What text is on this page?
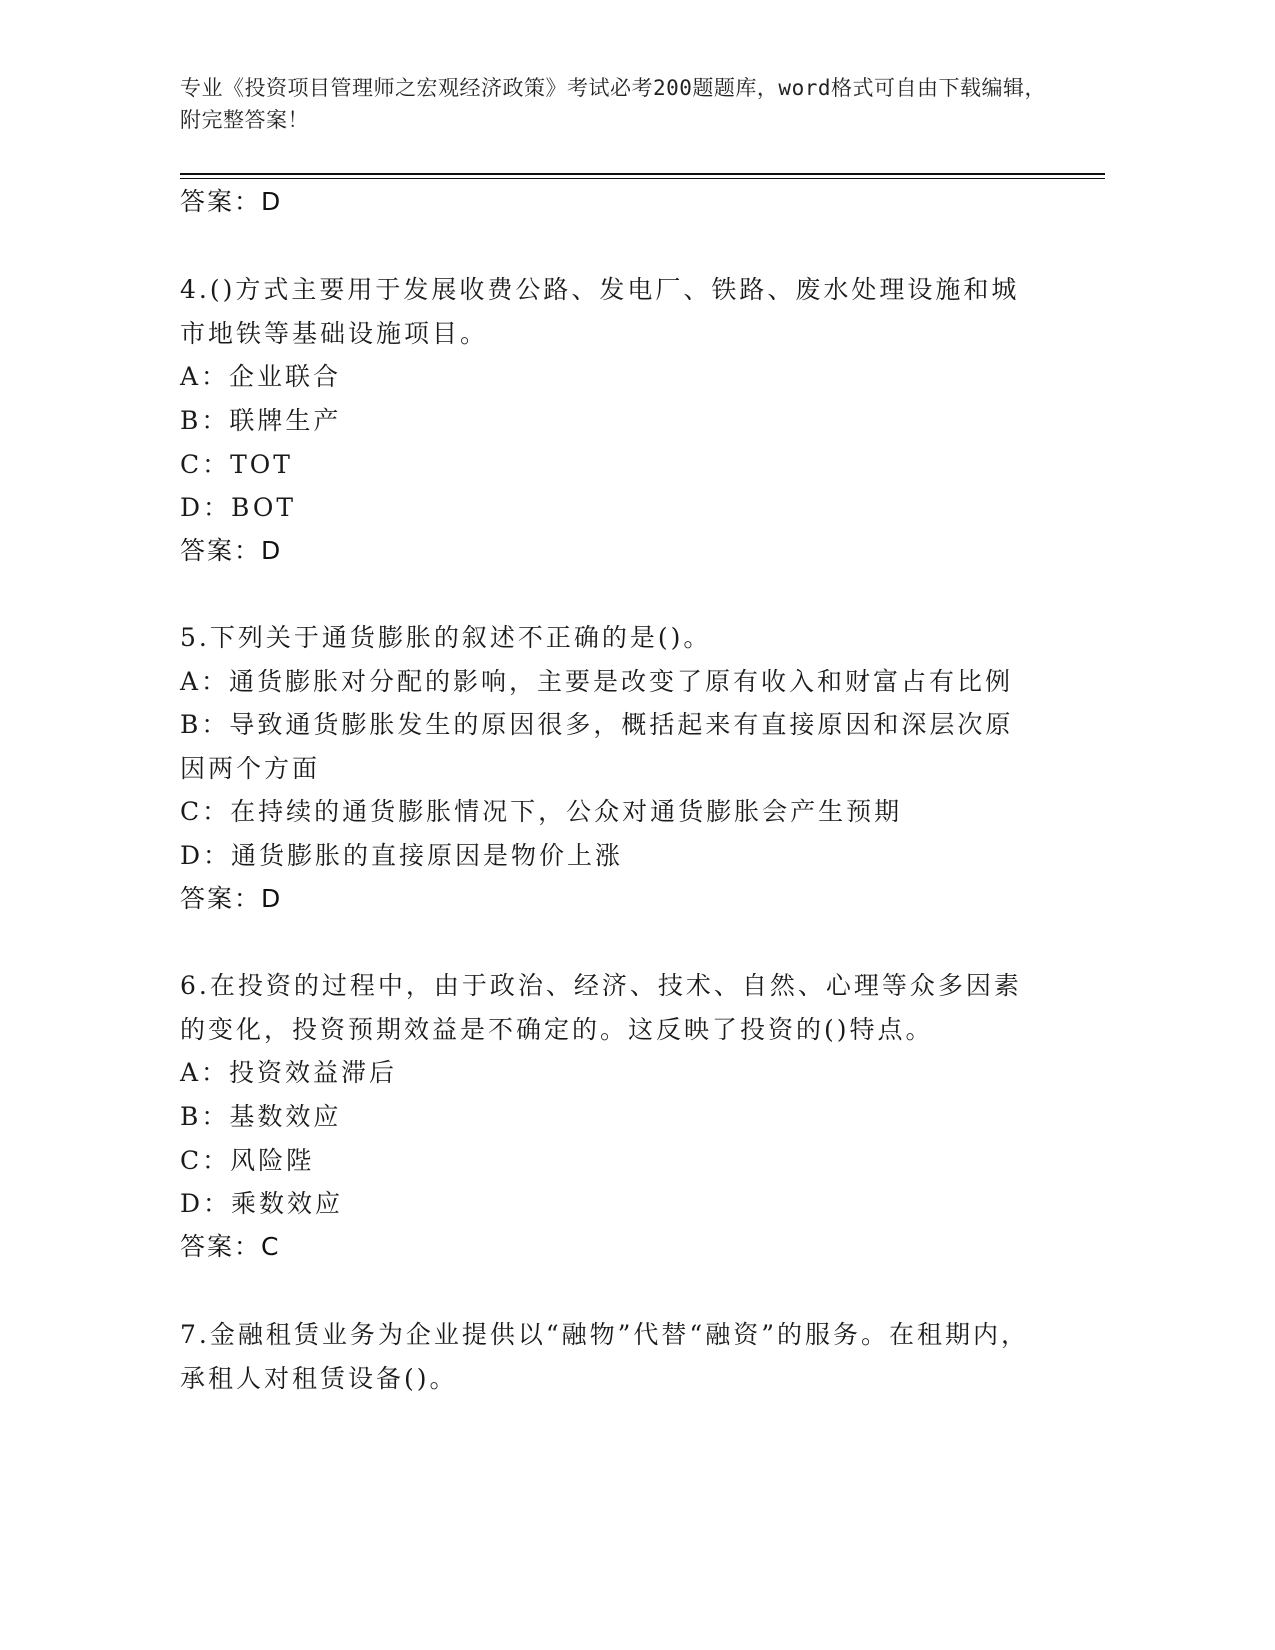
专业《投资项目管理师之宏观经济政策》考试必考200题题库，word格式可自由下载编辑，附完整答案！
答案：D
4.()方式主要用于发展收费公路、发电厂、铁路、废水处理设施和城市地铁等基础设施项目。
A：企业联合
B：联牌生产
C：TOT
D：BOT
答案：D
5.下列关于通货膨胀的叙述不正确的是()。
A：通货膨胀对分配的影响，主要是改变了原有收入和财富占有比例
B：导致通货膨胀发生的原因很多，概括起来有直接原因和深层次原因两个方面
C：在持续的通货膨胀情况下，公众对通货膨胀会产生预期
D：通货膨胀的直接原因是物价上涨
答案：D
6.在投资的过程中，由于政治、经济、技术、自然、心理等众多因素的变化，投资预期效益是不确定的。这反映了投资的()特点。
A：投资效益滞后
B：基数效应
C：风险陛
D：乘数效应
答案：C
7.金融租赁业务为企业提供以“融物”代替“融资”的服务。在租期内，承租人对租赁设备()。
